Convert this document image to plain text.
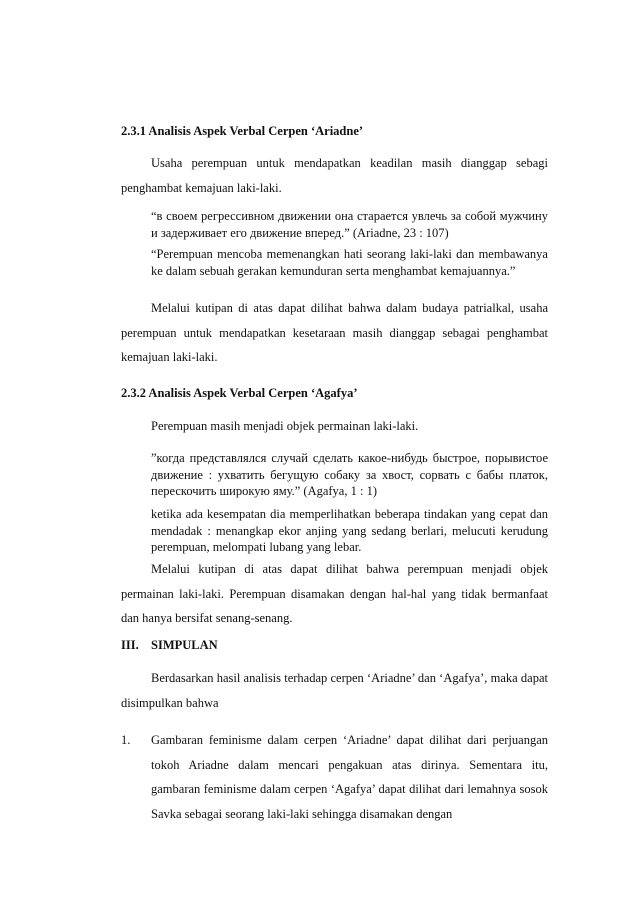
2.3.1 Analisis Aspek Verbal Cerpen ‘Ariadne’
Usaha perempuan untuk mendapatkan keadilan masih dianggap sebagi penghambat kemajuan laki-laki.
“в своем регрессивном движении она старается увлечь за собой мужчину и задерживает его движение вперед.” (Ariadne, 23 : 107)
“Perempuan mencoba memenangkan hati seorang laki-laki dan membawanya ke dalam sebuah gerakan kemunduran serta menghambat kemajuannya.”
Melalui kutipan di atas dapat dilihat bahwa dalam budaya patrialkal, usaha perempuan untuk mendapatkan kesetaraan masih dianggap sebagai penghambat kemajuan laki-laki.
2.3.2 Analisis Aspek Verbal Cerpen ‘Agafya’
Perempuan masih menjadi objek permainan laki-laki.
”когда представлялся случай сделать какое-нибудь быстрое, порывистое движение : ухватить бегущую собаку за хвост, сорвать с бабы платок, перескочить широкую яму.” (Agafya, 1 : 1)
ketika ada kesempatan dia memperlihatkan beberapa tindakan yang cepat dan mendadak : menangkap ekor anjing yang sedang berlari, melucuti kerudung perempuan, melompati lubang yang lebar.
Melalui kutipan di atas dapat dilihat bahwa perempuan menjadi objek permainan laki-laki. Perempuan disamakan dengan hal-hal yang tidak bermanfaat dan hanya bersifat senang-senang.
III. SIMPULAN
Berdasarkan hasil analisis terhadap cerpen ‘Ariadne’ dan ‘Agafya’, maka dapat disimpulkan bahwa
1. Gambaran feminisme dalam cerpen ‘Ariadne’ dapat dilihat dari perjuangan tokoh Ariadne dalam mencari pengakuan atas dirinya. Sementara itu, gambaran feminisme dalam cerpen ‘Agafya’ dapat dilihat dari lemahnya sosok Savka sebagai seorang laki-laki sehingga disamakan dengan
